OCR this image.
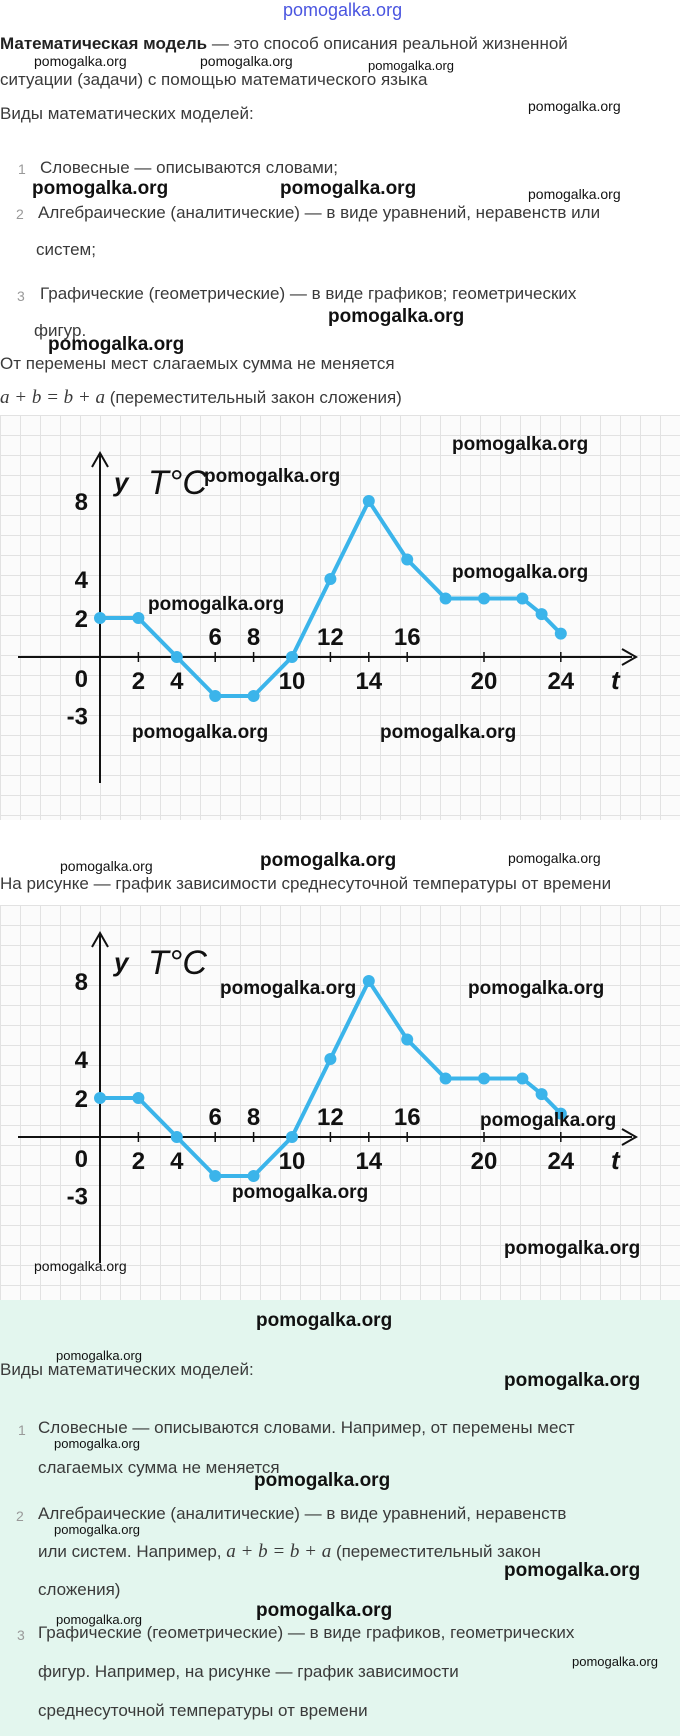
pomogalka.org
Математическая модель — это способ описания реальной жизненной
ситуации (задачи) с помощью математического языка
Виды математических моделей:
1 Словесные — описываются словами;
2 Алгебраические (аналитические) — в виде уравнений, неравенств или
систем;
3 Графические (геометрические) — в виде графиков; геометрических
фигур.
От перемены мест слагаемых сумма не меняется
a + b = b + a (переместительный закон сложения)
y T°C
t
2 4
6 8
10
12
14
16
20 24
8
4
2
0
-3
На рисунке — график зависимости среднесуточной температуры от времени
y T°C
t
2 4
6 8
10
12
14
16
20 24
8
4
2
0
-3
Виды математических моделей:
1 Словесные — описываются словами. Например, от перемены мест
слагаемых сумма не меняется
2 Алгебраические (аналитические) — в виде уравнений, неравенств
или систем. Например, a + b = b + a (переместительный закон
сложения)
3 Графические (геометрические) — в виде графиков, геометрических
фигур. Например, на рисунке — график зависимости
среднесуточной температуры от времени
pomogalka.org	pomogalka.org	pomogalka.org
pomogalka.org
pomogalka.org	pomogalka.org	pomogalka.org
pomogalka.org
pomogalka.org
pomogalka.org
pomogalka.org
pomogalka.org
pomogalka.org
pomogalka.org	pomogalka.org
pomogalka.org	pomogalka.org	pomogalka.org
pomogalka.org	pomogalka.org
pomogalka.org
pomogalka.org
pomogalka.org
pomogalka.org
pomogalka.org
pomogalka.org
pomogalka.org
pomogalka.org
pomogalka.org
pomogalka.org
pomogalka.org
pomogalka.org	pomogalka.org
pomogalka.org
